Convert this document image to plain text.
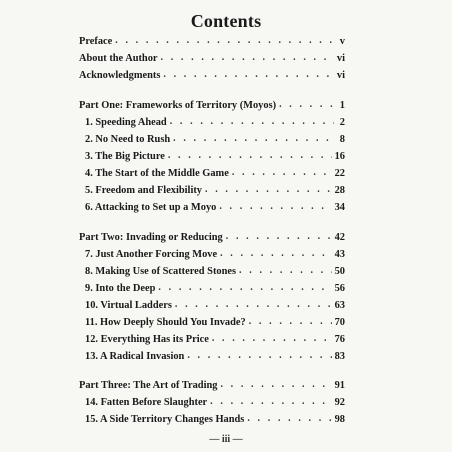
Contents
Preface . . .	v
About the Author . . .	vi
Acknowledgments . . .	vi
Part One: Frameworks of Territory (Moyos) . . .	1
1. Speeding Ahead . . .	2
2. No Need to Rush . . .	8
3. The Big Picture . . .	16
4. The Start of the Middle Game . . .	22
5. Freedom and Flexibility . . .	28
6. Attacking to Set up a Moyo . . .	34
Part Two: Invading or Reducing . . .	42
7. Just Another Forcing Move . . .	43
8. Making Use of Scattered Stones . . .	50
9. Into the Deep . . .	56
10. Virtual Ladders . . .	63
11. How Deeply Should You Invade? . . .	70
12. Everything Has its Price . . .	76
13. A Radical Invasion . . .	83
Part Three: The Art of Trading . . .	91
14. Fatten Before Slaughter . . .	92
15. A Side Territory Changes Hands . . .	98
— iii —
